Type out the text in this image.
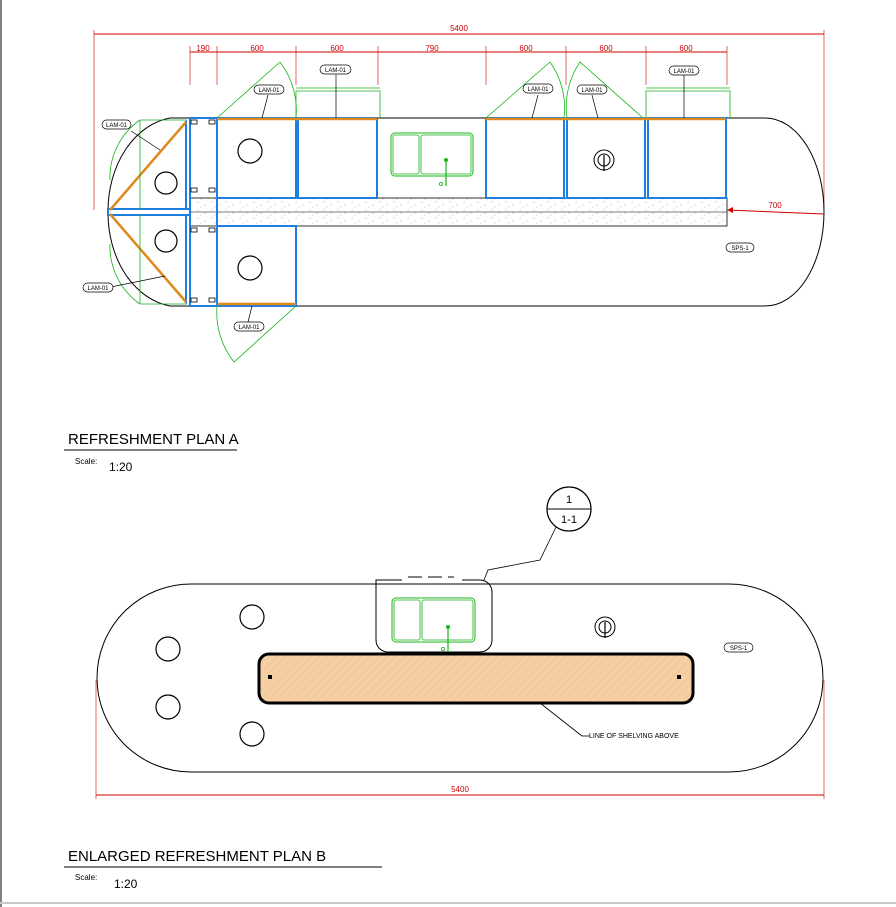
5400
190	600	600	790	600	600	600
700
LAM-01
LAM-01
LAM-01
LAM-01
LAM-01	LAM-01
LAM-01
LAM-01
SPS-1
REFRESHMENT PLAN A
Scale: 1:20
1
1-1
LINE OF SHELVING ABOVE
SPS-1
5400
ENLARGED REFRESHMENT PLAN B
Scale: 1:20
